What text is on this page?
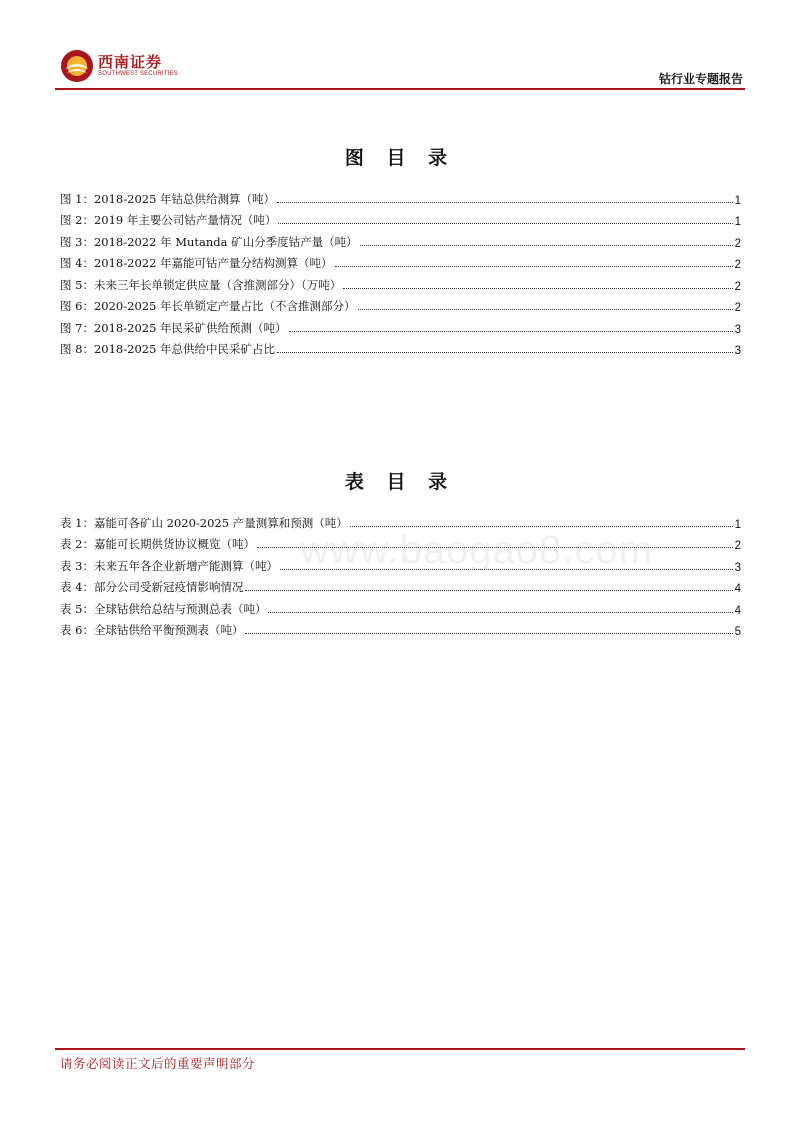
西南证券
SOUTHWEST SECURITIES	钴行业专题报告
图 目 录
图 1：2018-2025 年钴总供给测算（吨）	1
图 2：2019 年主要公司钴产量情况（吨）	1
图 3：2018-2022 年 Mutanda 矿山分季度钴产量（吨）	2
图 4：2018-2022 年嘉能可钴产量分结构测算（吨）	2
图 5：未来三年长单锁定供应量（含推测部分）（万吨）	2
图 6：2020-2025 年长单锁定产量占比（不含推测部分）	2
图 7：2018-2025 年民采矿供给预测（吨）	3
图 8：2018-2025 年总供给中民采矿占比	3
表 目 录
表 1：嘉能可各矿山 2020-2025 产量测算和预测（吨）	1
表 2：嘉能可长期供货协议概览（吨）	2
表 3：未来五年各企业新增产能测算（吨）	3
表 4：部分公司受新冠疫情影响情况	4
表 5：全球钴供给总结与预测总表（吨）	4
表 6：全球钴供给平衡预测表（吨）	5
www.baogao8.com
请务必阅读正文后的重要声明部分
